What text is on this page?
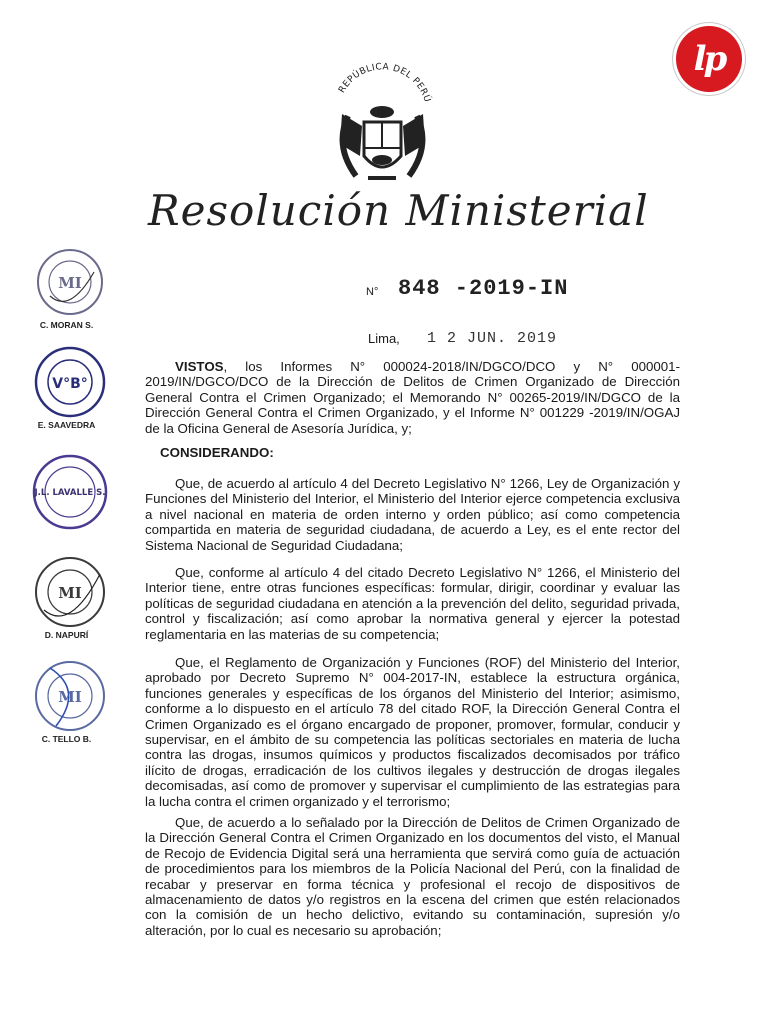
lp
REPÚBLICA DEL PERÚ
Resolución Ministerial
N° 848 -2019-IN
Lima, 1 2 JUN. 2019
MI
C. MORAN S.
V°B°
E. SAAVEDRA
J.L. LAVALLE S.
MI
D. NAPURÍ
MI
C. TELLO B.

VISTOS, los Informes N° 000024-2018/IN/DGCO/DCO y N° 000001-2019/IN/DGCO/DCO de la Dirección de Delitos de Crimen Organizado de Dirección General Contra el Crimen Organizado; el Memorando N° 00265-2019/IN/DGCO de la Dirección General Contra el Crimen Organizado, y el Informe N° 001229 -2019/IN/OGAJ de la Oficina General de Asesoría Jurídica, y;

CONSIDERANDO:

Que, de acuerdo al artículo 4 del Decreto Legislativo N° 1266, Ley de Organización y Funciones del Ministerio del Interior, el Ministerio del Interior ejerce competencia exclusiva a nivel nacional en materia de orden interno y orden público; así como competencia compartida en materia de seguridad ciudadana, de acuerdo a Ley, es el ente rector del Sistema Nacional de Seguridad Ciudadana;

Que, conforme al artículo 4 del citado Decreto Legislativo N° 1266, el Ministerio del Interior tiene, entre otras funciones específicas: formular, dirigir, coordinar y evaluar las políticas de seguridad ciudadana en atención a la prevención del delito, seguridad privada, control y fiscalización; así como aprobar la normativa general y ejercer la potestad reglamentaria en las materias de su competencia;

Que, el Reglamento de Organización y Funciones (ROF) del Ministerio del Interior, aprobado por Decreto Supremo N° 004-2017-IN, establece la estructura orgánica, funciones generales y específicas de los órganos del Ministerio del Interior; asimismo, conforme a lo dispuesto en el artículo 78 del citado ROF, la Dirección General Contra el Crimen Organizado es el órgano encargado de proponer, promover, formular, conducir y supervisar, en el ámbito de su competencia las políticas sectoriales en materia de lucha contra las drogas, insumos químicos y productos fiscalizados decomisados por tráfico ilícito de drogas, erradicación de los cultivos ilegales y destrucción de drogas ilegales decomisadas, así como de promover y supervisar el cumplimiento de las estrategias para la lucha contra el crimen organizado y el terrorismo;

Que, de acuerdo a lo señalado por la Dirección de Delitos de Crimen Organizado de la Dirección General Contra el Crimen Organizado en los documentos del visto, el Manual de Recojo de Evidencia Digital será una herramienta que servirá como guía de actuación de procedimientos para los miembros de la Policía Nacional del Perú, con la finalidad de recabar y preservar en forma técnica y profesional el recojo de dispositivos de almacenamiento de datos y/o registros en la escena del crimen que estén relacionados con la comisión de un hecho delictivo, evitando su contaminación, supresión y/o alteración, por lo cual es necesario su aprobación;
